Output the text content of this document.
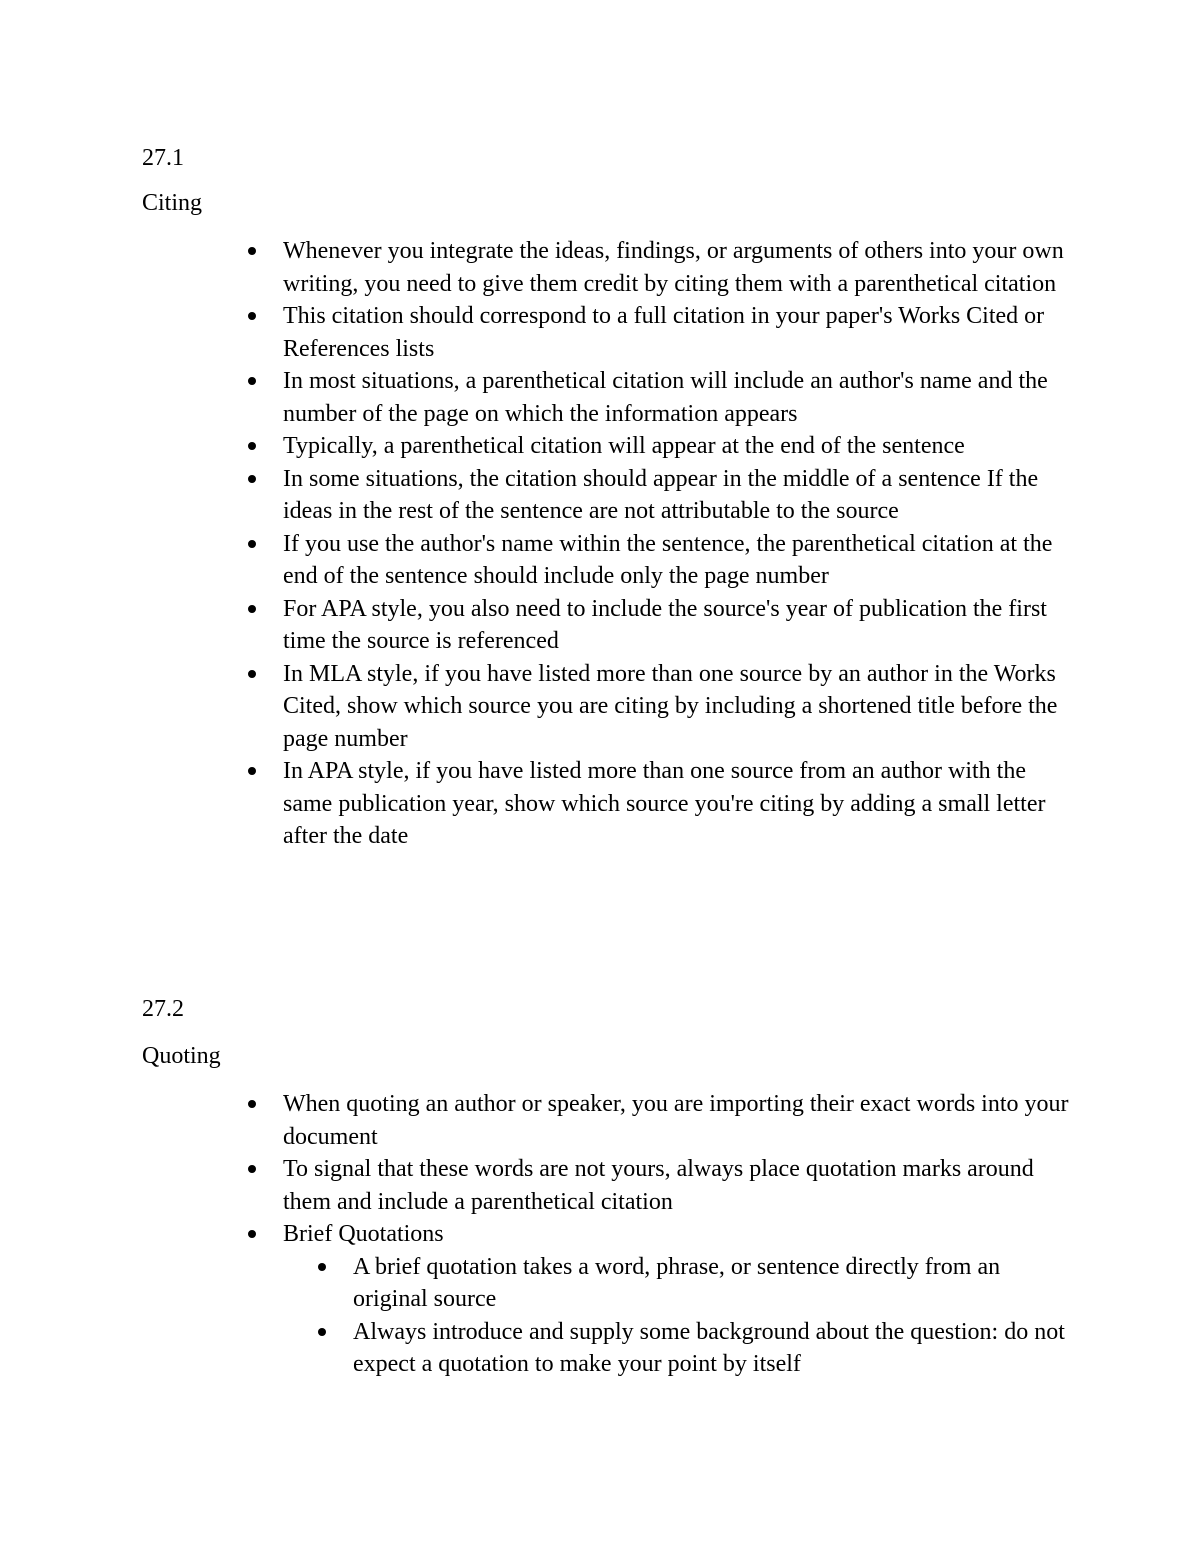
27.1

Citing
Whenever you integrate the ideas, findings, or arguments of others into your own writing, you need to give them credit by citing them with a parenthetical citation
This citation should correspond to a full citation in your paper's Works Cited or References lists
In most situations, a parenthetical citation will include an author's name and the number of the page on which the information appears
Typically, a parenthetical citation will appear at the end of the sentence
In some situations, the citation should appear in the middle of a sentence If the ideas in the rest of the sentence are not attributable to the source
If you use the author's name within the sentence, the parenthetical citation at the end of the sentence should include only the page number
For APA style, you also need to include the source's year of publication the first time the source is referenced
In MLA style, if you have listed more than one source by an author in the Works Cited, show which source you are citing by including a shortened title before the page number
In APA style, if you have listed more than one source from an author with the same publication year, show which source you're citing by adding a small letter after the date

27.2

Quoting
When quoting an author or speaker, you are importing their exact words into your document
To signal that these words are not yours, always place quotation marks around them and include a parenthetical citation
Brief Quotations
A brief quotation takes a word, phrase, or sentence directly from an original source
Always introduce and supply some background about the question: do not expect a quotation to make your point by itself
